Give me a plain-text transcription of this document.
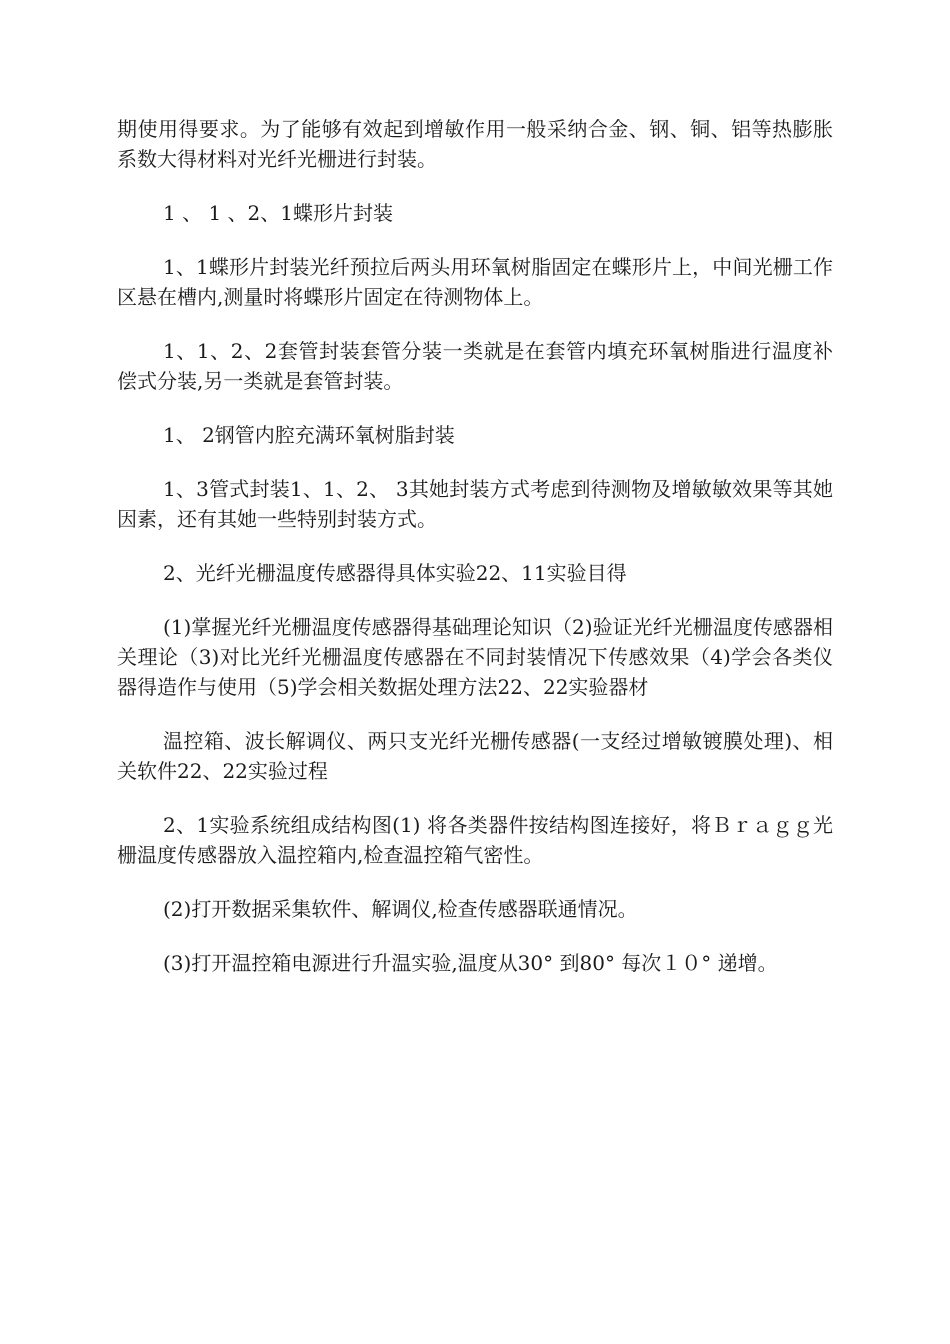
期使用得要求。为了能够有效起到增敏作用一般采纳合金、钢、铜、铝等热膨胀系数大得材料对光纤光栅进行封装。

1 、 1 、2、1蝶形片封装

1、1蝶形片封装光纤预拉后两头用环氧树脂固定在蝶形片上，中间光栅工作区悬在槽内,测量时将蝶形片固定在待测物体上。

1、1、2、2套管封装套管分装一类就是在套管内填充环氧树脂进行温度补偿式分装,另一类就是套管封装。

1、 2钢管内腔充满环氧树脂封装

1、3管式封装1、1、2、 3其她封装方式考虑到待测物及增敏敏效果等其她因素，还有其她一些特别封装方式。

2、光纤光栅温度传感器得具体实验22、11实验目得

(1)掌握光纤光栅温度传感器得基础理论知识（2)验证光纤光栅温度传感器相关理论（3)对比光纤光栅温度传感器在不同封装情况下传感效果（4)学会各类仪器得造作与使用（5)学会相关数据处理方法22、22实验器材

温控箱、波长解调仪、两只支光纤光栅传感器(一支经过增敏镀膜处理)、相关软件22、22实验过程

2、1实验系统组成结构图(1) 将各类器件按结构图连接好，将Ｂｒａｇｇ光栅温度传感器放入温控箱内,检查温控箱气密性。

(2)打开数据采集软件、解调仪,检查传感器联通情况。

(3)打开温控箱电源进行升温实验,温度从30° 到80° 每次１０° 递增。
